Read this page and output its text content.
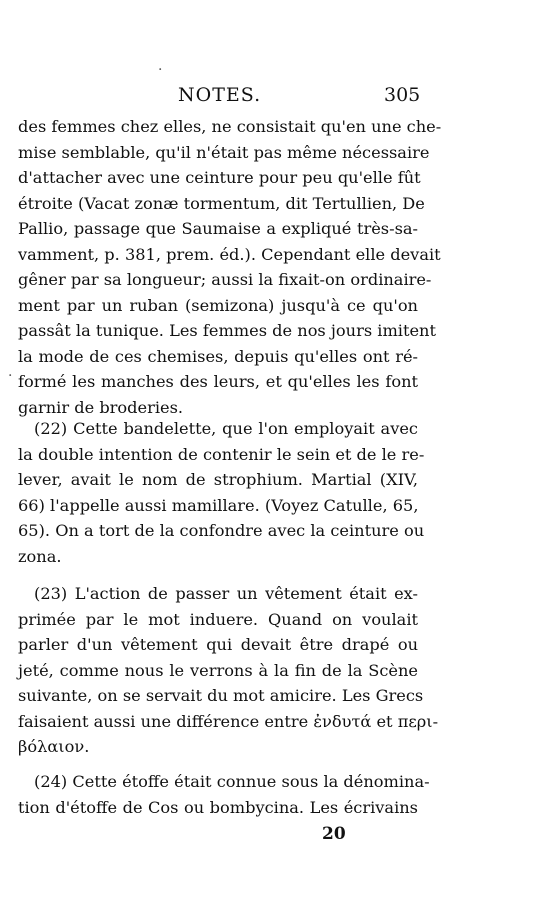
NOTES.	305
des femmes chez elles, ne consistait qu'en une che-
mise semblable, qu'il n'était pas même nécessaire
d'attacher avec une ceinture pour peu qu'elle fût
étroite (Vacat zonæ tormentum, dit Tertullien, De
Pallio, passage que Saumaise a expliqué très-sa-
vamment, p. 381, prem. éd.). Cependant elle devait
gêner par sa longueur; aussi la fixait-on ordinaire-
ment par un ruban (semizona) jusqu'à ce qu'on
passât la tunique. Les femmes de nos jours imitent
la mode de ces chemises, depuis qu'elles ont ré-
formé les manches des leurs, et qu'elles les font
garnir de broderies.
(22) Cette bandelette, que l'on employait avec
la double intention de contenir le sein et de le re-
lever, avait le nom de strophium. Martial (XIV,
66) l'appelle aussi mamillare. (Voyez Catulle, 65,
65). On a tort de la confondre avec la ceinture ou
zona.
(23) L'action de passer un vêtement était ex-
primée par le mot induere. Quand on voulait
parler d'un vêtement qui devait être drapé ou
jeté, comme nous le verrons à la fin de la Scène
suivante, on se servait du mot amicire. Les Grecs
faisaient aussi une différence entre ἐνδυτά et περι-
βόλαιον.
(24) Cette étoffe était connue sous la dénomina-
tion d'étoffe de Cos ou bombycina. Les écrivains
20
·
·
